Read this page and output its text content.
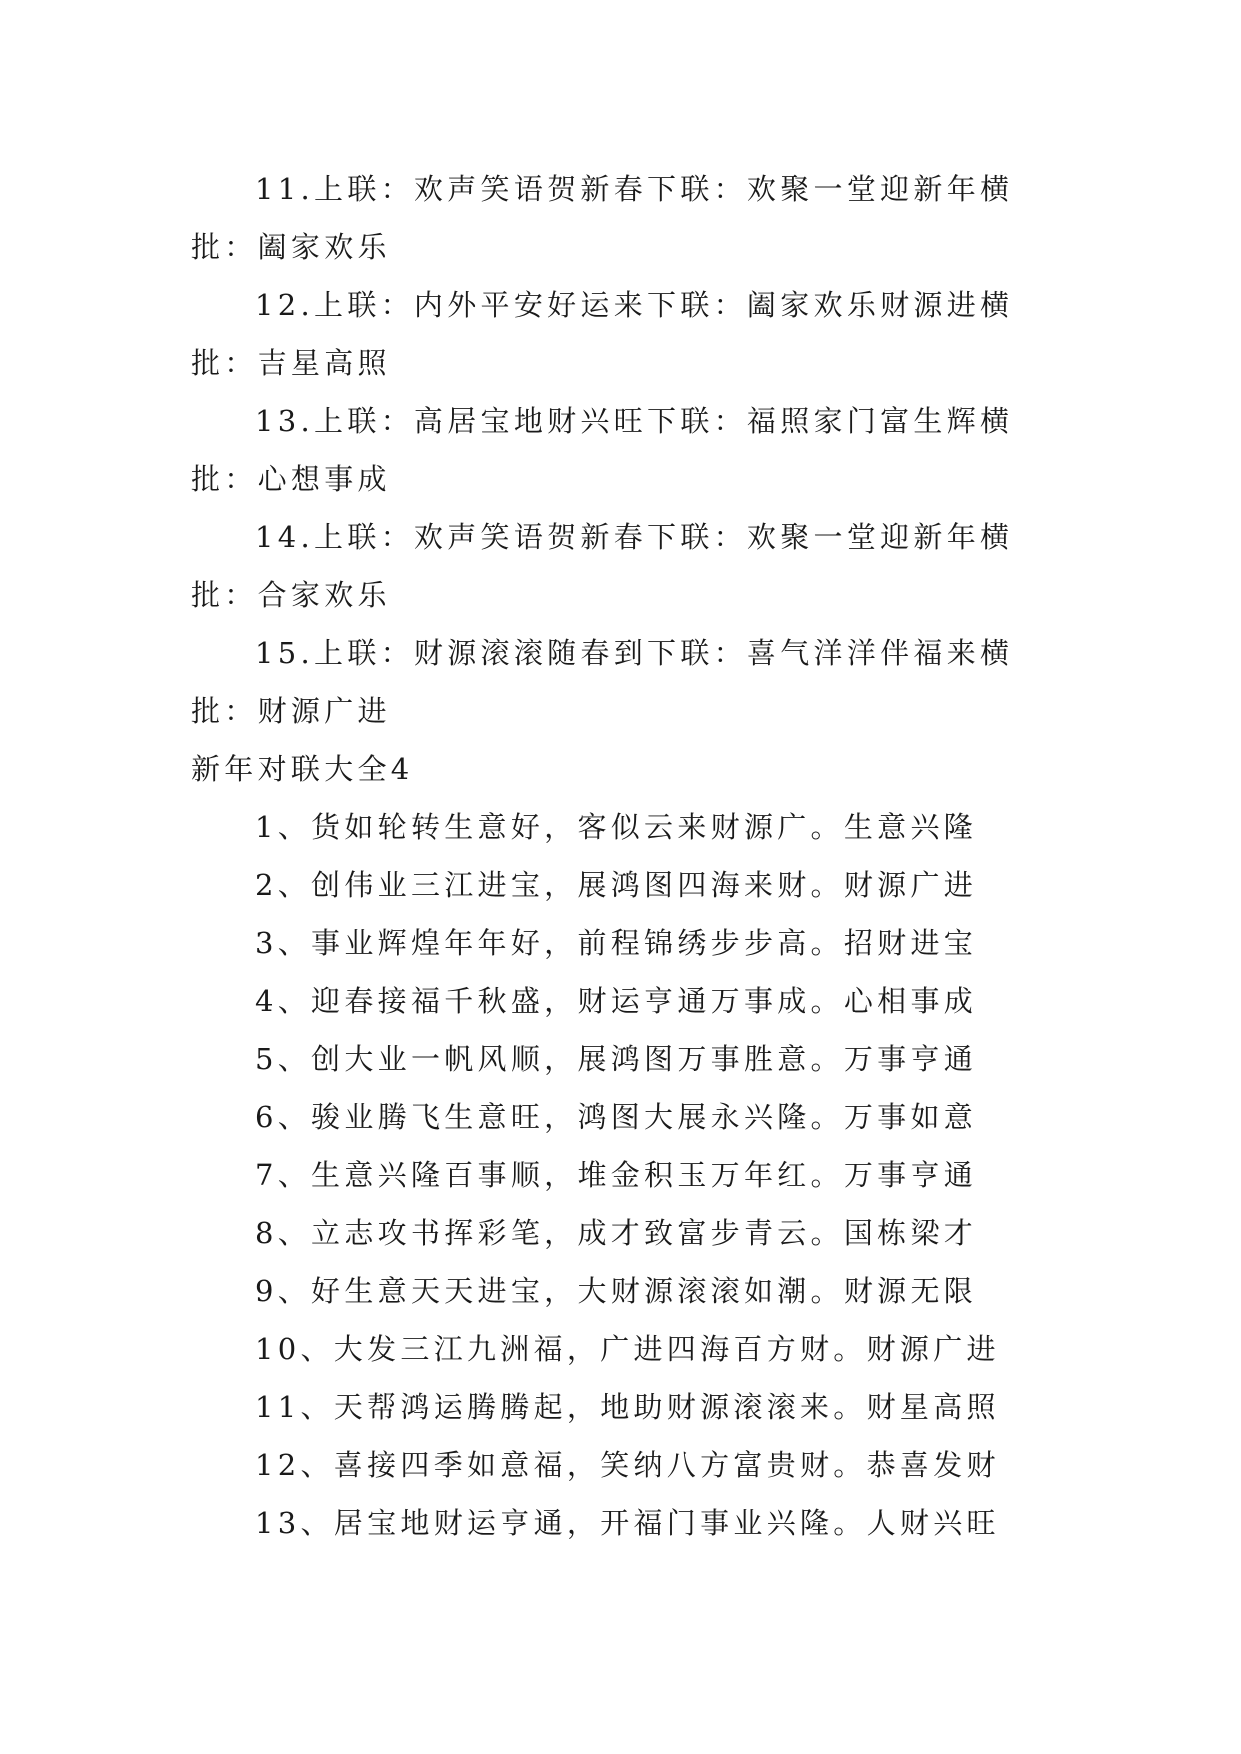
11.上联：欢声笑语贺新春下联：欢聚一堂迎新年横批：阖家欢乐

12.上联：内外平安好运来下联：阖家欢乐财源进横批：吉星高照

13.上联：高居宝地财兴旺下联：福照家门富生辉横批：心想事成

14.上联：欢声笑语贺新春下联：欢聚一堂迎新年横批：合家欢乐

15.上联：财源滚滚随春到下联：喜气洋洋伴福来横批：财源广进

新年对联大全4

1、货如轮转生意好，客似云来财源广。生意兴隆

2、创伟业三江进宝，展鸿图四海来财。财源广进

3、事业辉煌年年好，前程锦绣步步高。招财进宝

4、迎春接福千秋盛，财运亨通万事成。心相事成

5、创大业一帆风顺，展鸿图万事胜意。万事亨通

6、骏业腾飞生意旺，鸿图大展永兴隆。万事如意

7、生意兴隆百事顺，堆金积玉万年红。万事亨通

8、立志攻书挥彩笔，成才致富步青云。国栋梁才

9、好生意天天进宝，大财源滚滚如潮。财源无限

10、大发三江九洲福，广进四海百方财。财源广进

11、天帮鸿运腾腾起，地助财源滚滚来。财星高照

12、喜接四季如意福，笑纳八方富贵财。恭喜发财

13、居宝地财运亨通，开福门事业兴隆。人财兴旺
